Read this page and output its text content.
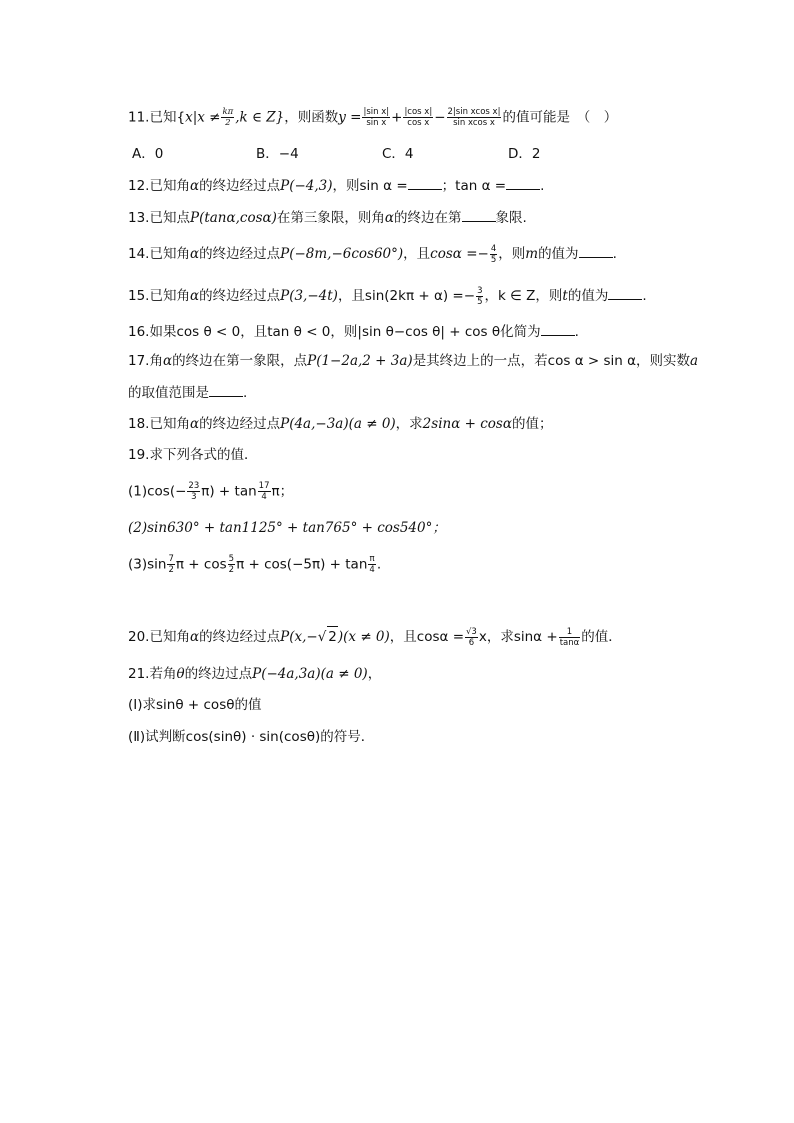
11.已知{$x|x \ne \frac{k\pi}{2} ,k$ ∈ Z}，则函数$y = \frac{\text{|sin x|}}{\text{sin x}} + \frac{\text{|cos x|}}{\text{cos x}} - \frac{\text{2|sin xcos x|}}{\text{sin xcos x}}$ 的值可能是　（　）
A．0	B．−4	C．4	D．2
12.已知角α的终边经过点P(−4,3)，则sin α =	；tan α =	.
13.已知点P(tanα,cosα)在第三象限，则角α的终边在第	象限.
14.已知角α的终边经过点P(−8m,−6cos60°)，且$\cos\alpha =- \frac{4}{5}$ ，则m的值为	.
15.已知角α的终边经过点P(3,−4t)，且$\sin(2k\pi + \alpha) =- \frac{3}{5}$ ，k ∈ Z，则t的值为	.
16.如果cos θ < 0，且tan θ < 0，则|sin θ−cos θ| + cos θ化简为	.
17.角α的终边在第一象限，点P(1−2a,2 + 3a)是其终边上的一点，若cos α > sin α，则实数a
的取值范围是	.
18.已知角α的终边经过点P(4a,−3a)(a ≠ 0)，求2sinα + cosα的值；
19.求下列各式的值．
$(1)\cos(- \frac{23}{3} \pi) + \tan \frac{17}{4}$ π；
(2)sin630° + tan1125° + tan765° + cos540°；
$(3)\sin \frac{7}{2}$ $\pi + \cos \frac{5}{2}$ $\pi + \cos(-5\pi) + \tan \frac{\pi}{4}$ .
20.已知角α的终边经过点P(x,−√ 2)(x ≠ 0)，且$\cos\alpha = \frac{√3}{6}$ x，求$\sin\alpha + \frac{1}{\tan\alpha}$ 的值．
21.若角θ的终边过点P(−4a,3a)(a ≠ 0)，
(Ⅰ)求sinθ + cosθ的值
(Ⅱ)试判断cos(sinθ) · sin(cosθ)的符号．
